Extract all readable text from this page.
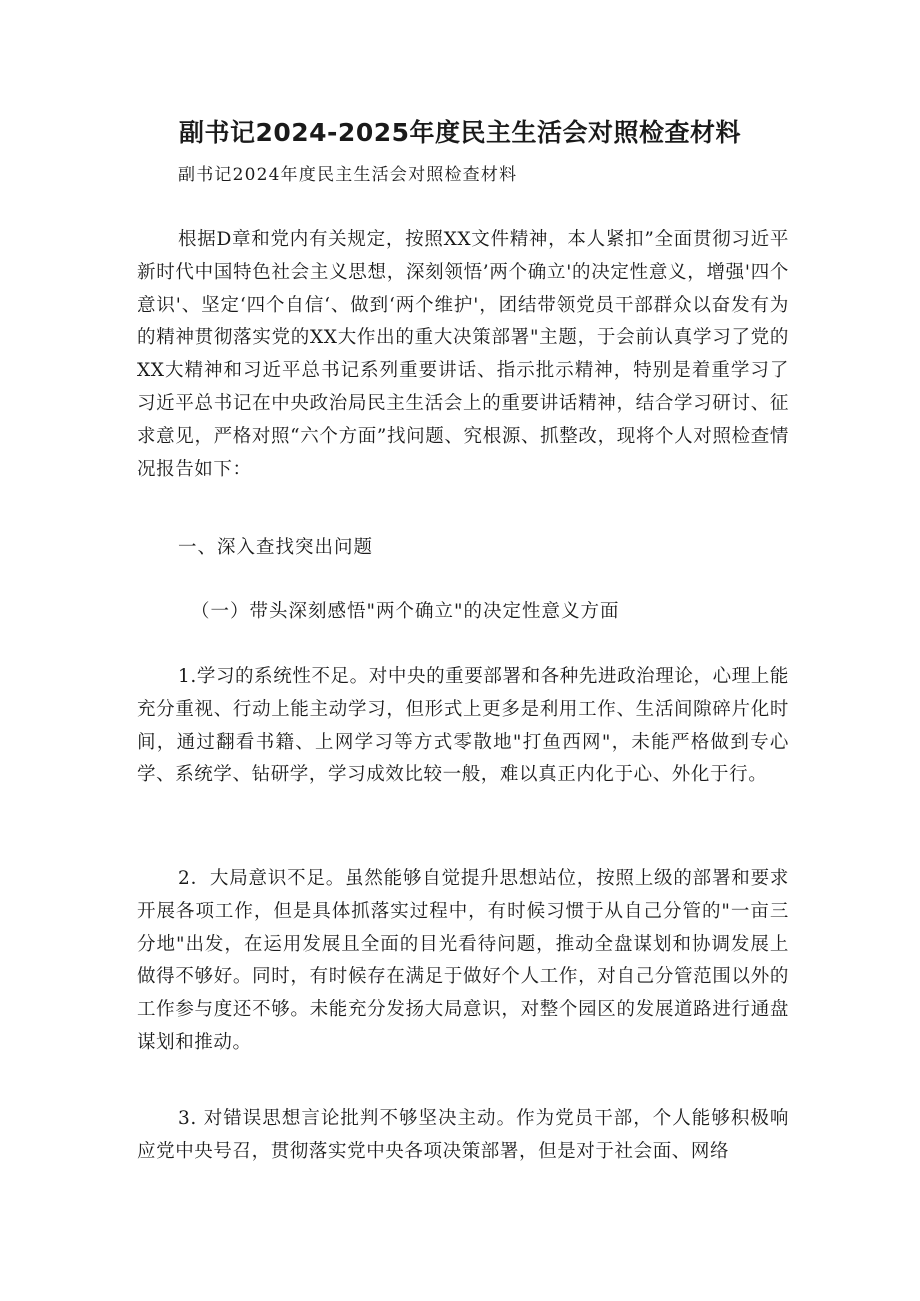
副书记2024-2025年度民主生活会对照检查材料
副书记2024年度民主生活会对照检查材料

根据D章和党内有关规定，按照XX文件精神，本人紧扣”全面贯彻习近平新时代中国特色社会主义思想，深刻领悟’两个确立'的决定性意义，增强'四个意识'、坚定‘四个自信‘、做到‘两个维护'，团结带领党员干部群众以奋发有为的精神贯彻落实党的XX大作出的重大决策部署"主题，于会前认真学习了党的XX大精神和习近平总书记系列重要讲话、指示批示精神，特别是着重学习了习近平总书记在中央政治局民主生活会上的重要讲话精神，结合学习研讨、征求意见，严格对照“六个方面”找问题、究根源、抓整改，现将个人对照检查情况报告如下：

一、深入查找突出问题
（一）带头深刻感悟"两个确立"的决定性意义方面

1.学习的系统性不足。对中央的重要部署和各种先进政治理论，心理上能充分重视、行动上能主动学习，但形式上更多是利用工作、生活间隙碎片化时间，通过翻看书籍、上网学习等方式零散地"打鱼西网"，未能严格做到专心学、系统学、钻研学，学习成效比较一般，难以真正内化于心、外化于行。

2．大局意识不足。虽然能够自觉提升思想站位，按照上级的部署和要求开展各项工作，但是具体抓落实过程中，有时候习惯于从自己分管的"一亩三分地"出发，在运用发展且全面的目光看待问题，推动全盘谋划和协调发展上做得不够好。同时，有时候存在满足于做好个人工作，对自己分管范围以外的工作参与度还不够。未能充分发扬大局意识，对整个园区的发展道路进行通盘谋划和推动。

3. 对错误思想言论批判不够坚决主动。作为党员干部，个人能够积极响应党中央号召，贯彻落实党中央各项决策部署，但是对于社会面、网络
